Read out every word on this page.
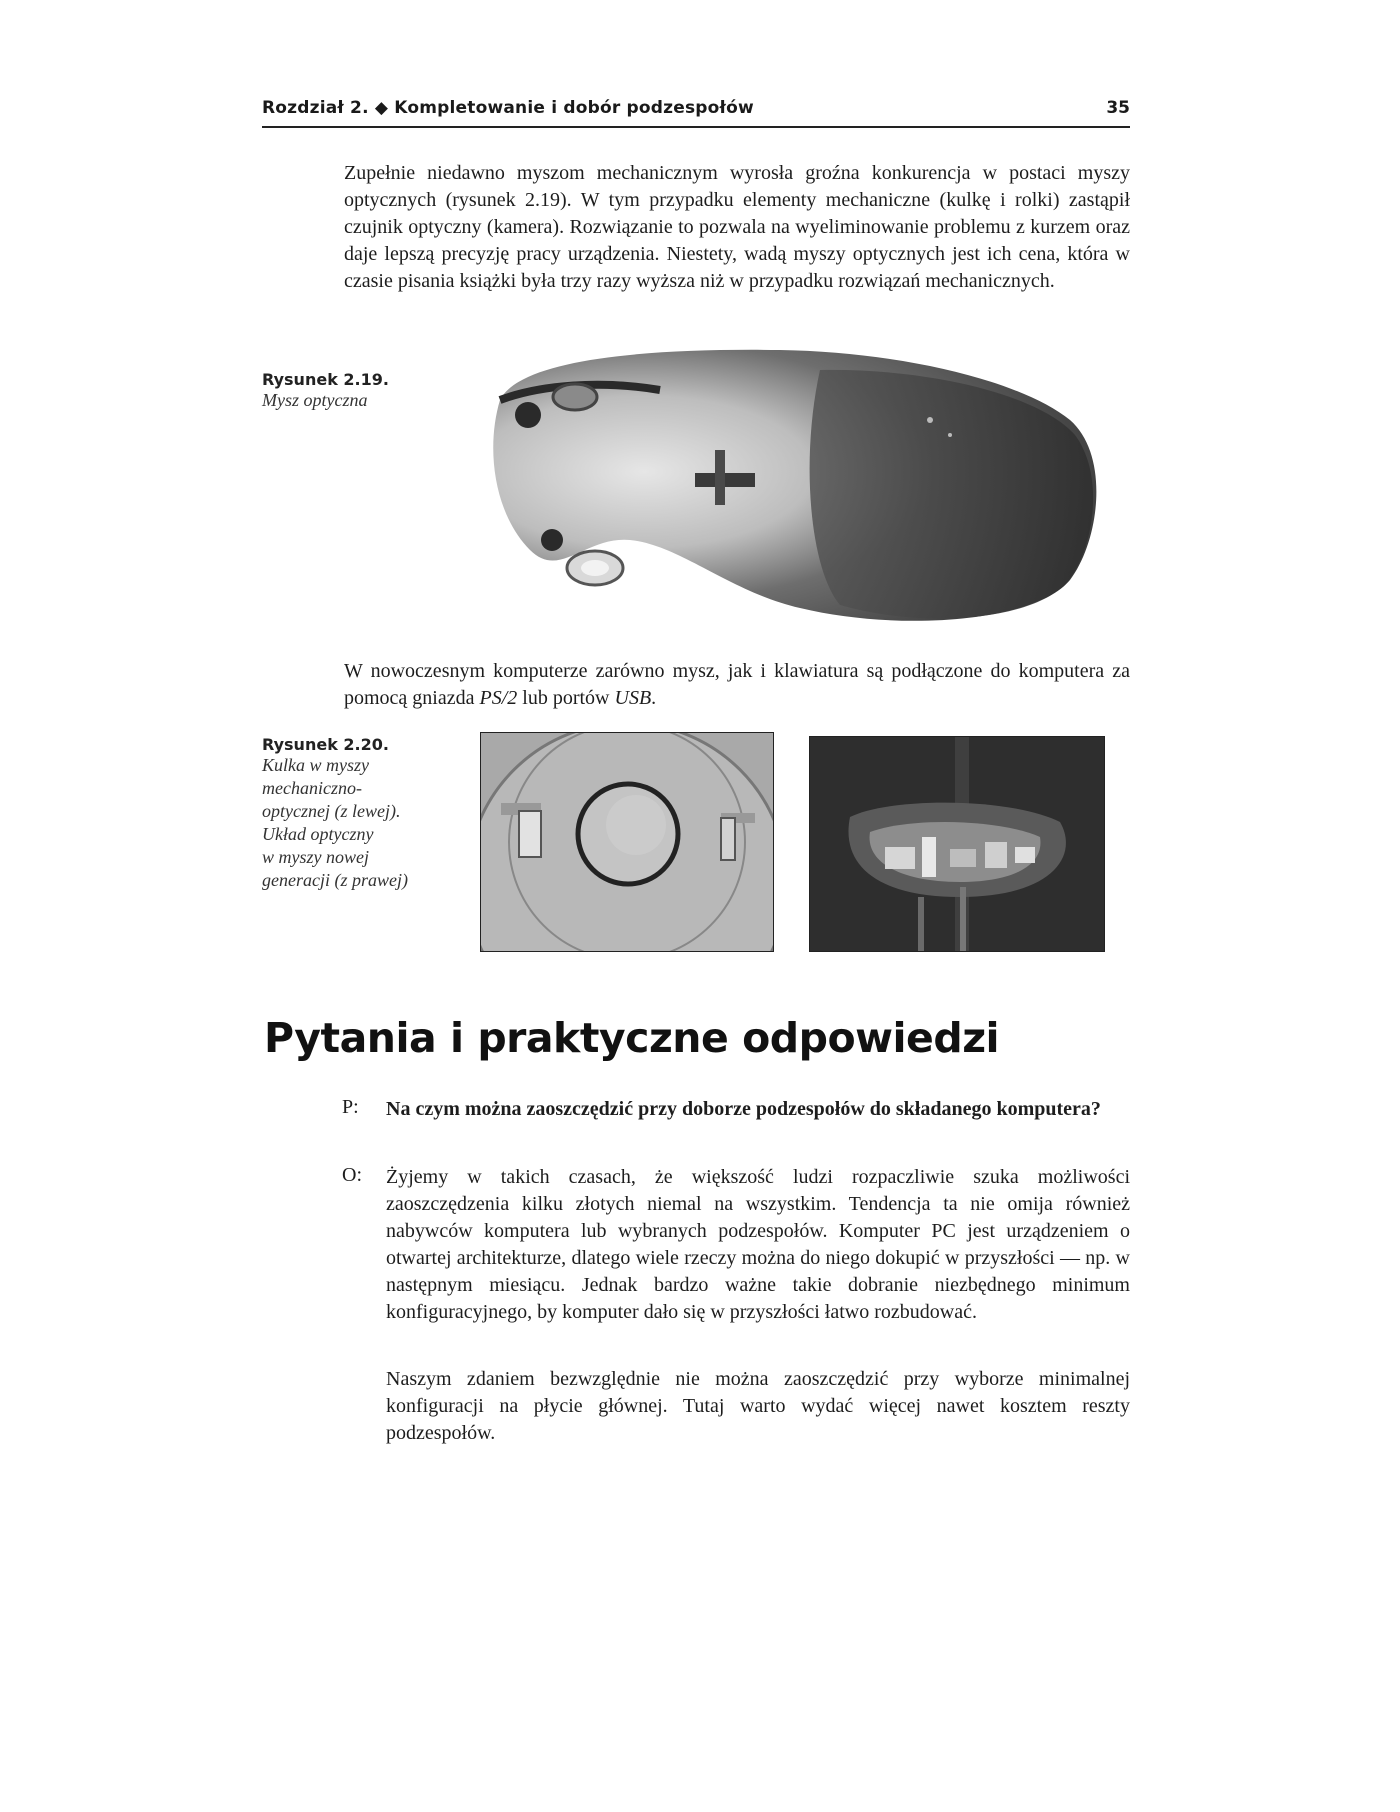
Rozdział 2. ◆ Kompletowanie i dobór podzespołów	35
Zupełnie niedawno myszom mechanicznym wyrosła groźna konkurencja w postaci myszy optycznych (rysunek 2.19). W tym przypadku elementy mechaniczne (kulkę i rolki) zastąpił czujnik optyczny (kamera). Rozwiązanie to pozwala na wyeliminowanie problemu z kurzem oraz daje lepszą precyzję pracy urządzenia. Niestety, wadą myszy optycznych jest ich cena, która w czasie pisania książki była trzy razy wyższa niż w przypadku rozwiązań mechanicznych.
Rysunek 2.19.
Mysz optyczna
W nowoczesnym komputerze zarówno mysz, jak i klawiatura są podłączone do komputera za pomocą gniazda PS/2 lub portów USB.
Rysunek 2.20.
Kulka w myszy
mechaniczno-
optycznej (z lewej).
Układ optyczny
w myszy nowej
generacji (z prawej)
Pytania i praktyczne odpowiedzi
P: Na czym można zaoszczędzić przy doborze podzespołów do składanego komputera?
O: Żyjemy w takich czasach, że większość ludzi rozpaczliwie szuka możliwości zaoszczędzenia kilku złotych niemal na wszystkim. Tendencja ta nie omija również nabywców komputera lub wybranych podzespołów. Komputer PC jest urządzeniem o otwartej architekturze, dlatego wiele rzeczy można do niego dokupić w przyszłości — np. w następnym miesiącu. Jednak bardzo ważne takie dobranie niezbędnego minimum konfiguracyjnego, by komputer dało się w przyszłości łatwo rozbudować.
Naszym zdaniem bezwzględnie nie można zaoszczędzić przy wyborze minimalnej konfiguracji na płycie głównej. Tutaj warto wydać więcej nawet kosztem reszty podzespołów.
